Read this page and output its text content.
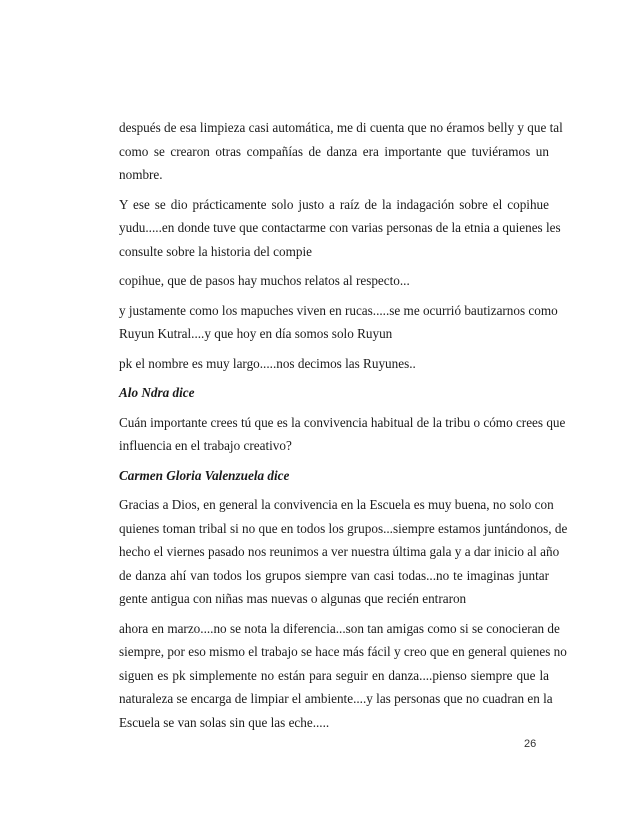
después de esa limpieza casi automática, me di cuenta que no éramos belly y que tal
como se crearon otras compañías de danza era importante que tuviéramos un
nombre.
Y ese se dio prácticamente solo justo a raíz de la indagación sobre el copihue
yudu.....en donde tuve que contactarme con varias personas de la etnia a quienes les
consulte sobre la historia del compie
copihue, que de pasos hay muchos relatos al respecto...
y justamente como los mapuches viven en rucas.....se me ocurrió bautizarnos como
Ruyun Kutral....y que hoy en día somos solo Ruyun
pk el nombre es muy largo.....nos decimos las Ruyunes..
Alo Ndra dice
Cuán importante crees tú que es la convivencia habitual de la tribu o cómo crees que
influencia en el trabajo creativo?
Carmen Gloria Valenzuela dice
Gracias a Dios, en general la convivencia en la Escuela es muy buena, no solo con
quienes toman tribal si no que en todos los grupos...siempre estamos juntándonos, de
hecho el viernes pasado nos reunimos a ver nuestra última gala y a dar inicio al año
de danza ahí van todos los grupos siempre van casi todas...no te imaginas juntar
gente antigua con niñas mas nuevas o algunas que recién entraron
ahora en marzo....no se nota la diferencia...son tan amigas como si se conocieran de
siempre, por eso mismo el trabajo se hace más fácil y creo que en general quienes no
siguen es pk simplemente no están para seguir en danza....pienso siempre que la
naturaleza se encarga de limpiar el ambiente....y las personas que no cuadran en la
Escuela se van solas sin que las eche.....
26
